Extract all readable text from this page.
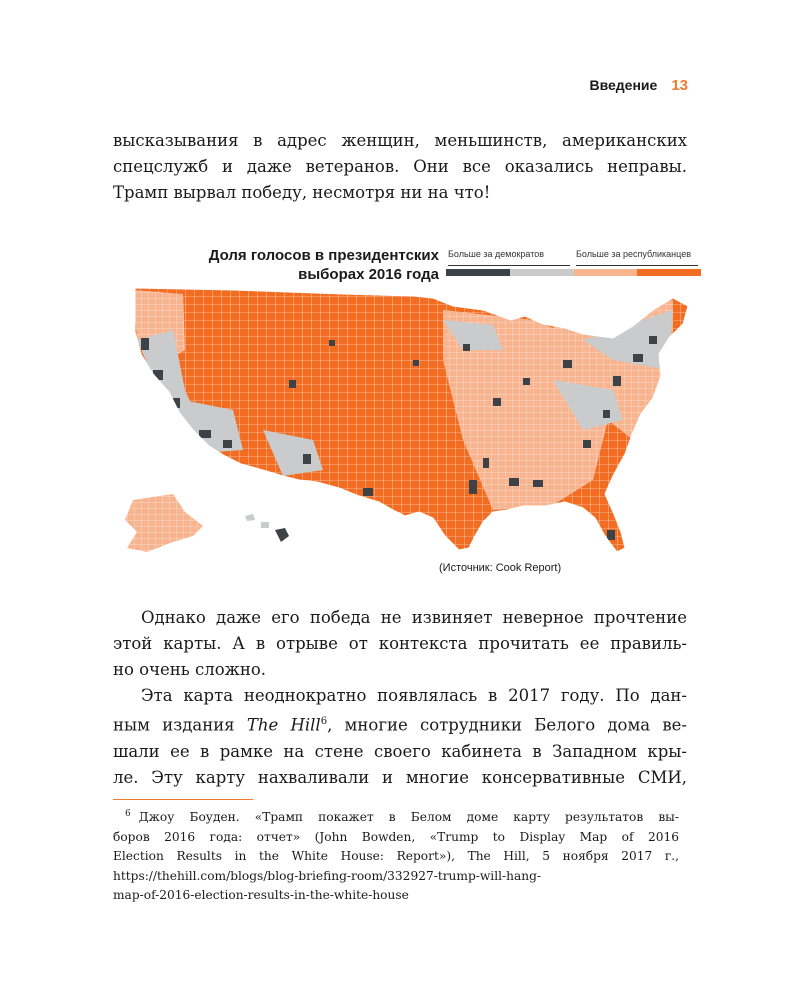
Введение 13
высказывания в адрес женщин, меньшинств, американских
спецслужб и даже ветеранов. Они все оказались неправы.
Трамп вырвал победу, несмотря ни на что!
Доля голосов в президентских
выборах 2016 года
Больше за демократов	Больше за республиканцев
(Источник: Cook Report)
Однако даже его победа не извиняет неверное прочтение
этой карты. А в отрыве от контекста прочитать ее правиль-
но очень сложно.
Эта карта неоднократно появлялась в 2017 году. По дан-
ным издания The Hill$^6$, многие сотрудники Белого дома ве-
шали ее в рамке на стене своего кабинета в Западном кры-
ле. Эту карту нахваливали и многие консервативные СМИ,
$^6$ Джоу Боуден. «Трамп покажет в Белом доме карту результатов вы-
боров 2016 года: отчет» (John Bowden, «Trump to Display Map of 2016
Election Results in the White House: Report»), The Hill, 5 ноября 2017 г.,
https://thehill.com/blogs/blog-briefing-room/332927-trump-will-hang-
map-of-2016-election-results-in-the-white-house
